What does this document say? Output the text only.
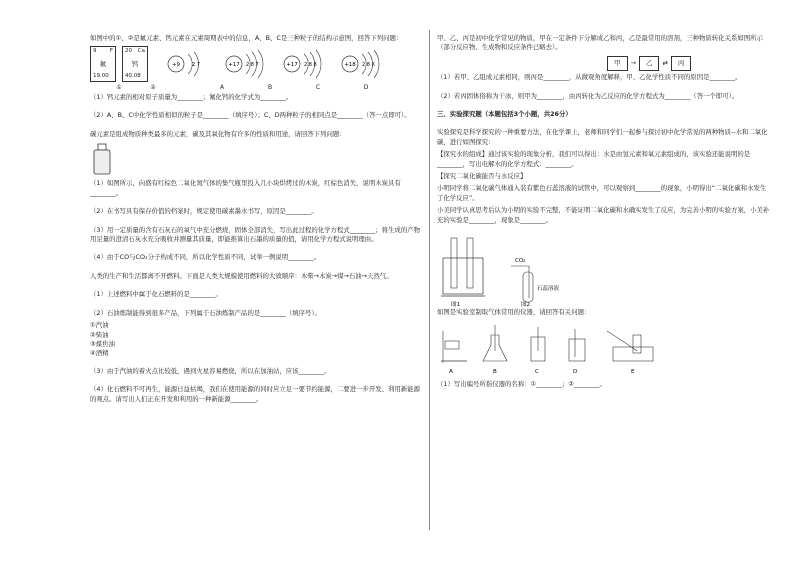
如图中的①、②是氟元素、钙元素在元素周期表中的信息，A、B、C是三种粒子的结构示意图，回答下列问题：

9 F
氟
19.00
20 Ca
钙
40.08
+9 2 7	+17 2 8 7	+17 2 8 8	+18 2 8 X
①	②	A	B	C	D

（1）钙元素的相对原子质量为________；氟化钙的化学式为________。

（2）A、B、C中化学性质相似的粒子是________（填序号）；C、D两种粒子的相同点是________（答一点即可）。

碳元素是组成物质种类最多的元素，碳及其氧化物有许多的性质和用途，请回答下列问题：

（1）如图所示，向盛有红棕色二氧化氮气体的集气瓶里投入几小块烘烤过的木炭，红棕色消失，说明木炭具有________。

（2）在书写具有保存价值的档案时，规定使用碳素墨水书写，原因是________。

（3）用一定质量的含有石灰石的氧气中充分燃烧，固体全部消失，写出此过程的化学方程式________；将生成的产物用足量的澄清石灰水充分吸收并测量其质量，即能推算出石墨的质量的值，请用化学方程式说明理由。

（4）由于CO与CO₂分子构成不同，所以化学性质不同，试举一例说明________。

人类的生产和生活都离不开燃料。下面是人类大规模使用燃料的大致顺序：木柴→木炭→煤→石油→天然气。

（1）上述燃料中属于化石燃料的是________。

（2）石油炼制能得到很多产品，下列属于石油炼制产品的是________（填序号）。

①汽油
②柴油
③煤焦油
④酒精

（3）由于汽油的着火点比较低，遇到火星容易燃烧，所以在加油站，应该________。

（4）化石燃料不可再生，能源日益枯竭，我们在使用能源的同时应立足一要节约能源，二要进一步开发、利用新能源的观点。请写出人们正在开发和利用的一种新能源________。

甲、乙、丙是初中化学常见的物质，甲在一定条件下分解成乙和丙，乙是最常用的溶剂，三种物质转化关系如图所示（部分反应物、生成物和反应条件已略去）。

甲	→	乙	⇄	丙

（1）若甲、乙组成元素相同，则丙是________，从微观角度解释，甲、乙化学性质不同的原因是________。

（2）若丙固体俗称为干冰，则甲为________，由丙转化为乙反应的化学方程式为________（答一个即可）。

三、实验探究题（本题包括3个小题，共26分）

实验探究是科学探究的一种重要方法，在化学课上，老师和同学们一起参与探讨初中化学常见的两种物质--水和二氧化碳，进行如图探究：

【探究水的组成】通过该实验的现象分析，我们可以得出：水是由氢元素和氧元素组成的，该实验还能说明的是________，写出电解水的化学方程式：________。

【探究二氧化碳能否与水反应】

小明同学将二氧化碳气体通入装有紫色石蕊溶液的试管中，可以观察到________的现象，小明得出“二氧化碳和水发生了化学反应”。

小美同学认真思考后认为小明的实验不完整，不能证明二氧化碳和水确实发生了反应，为完善小明的实验方案，小美补充的实验是________，现象是________。

CO₂
石蕊溶液
图1	图2

如图是实验室制取气体常用的仪器，请回答有关问题：

A	B	C	D	E

（1）写出编号所指仪器的名称：①________；②________。
